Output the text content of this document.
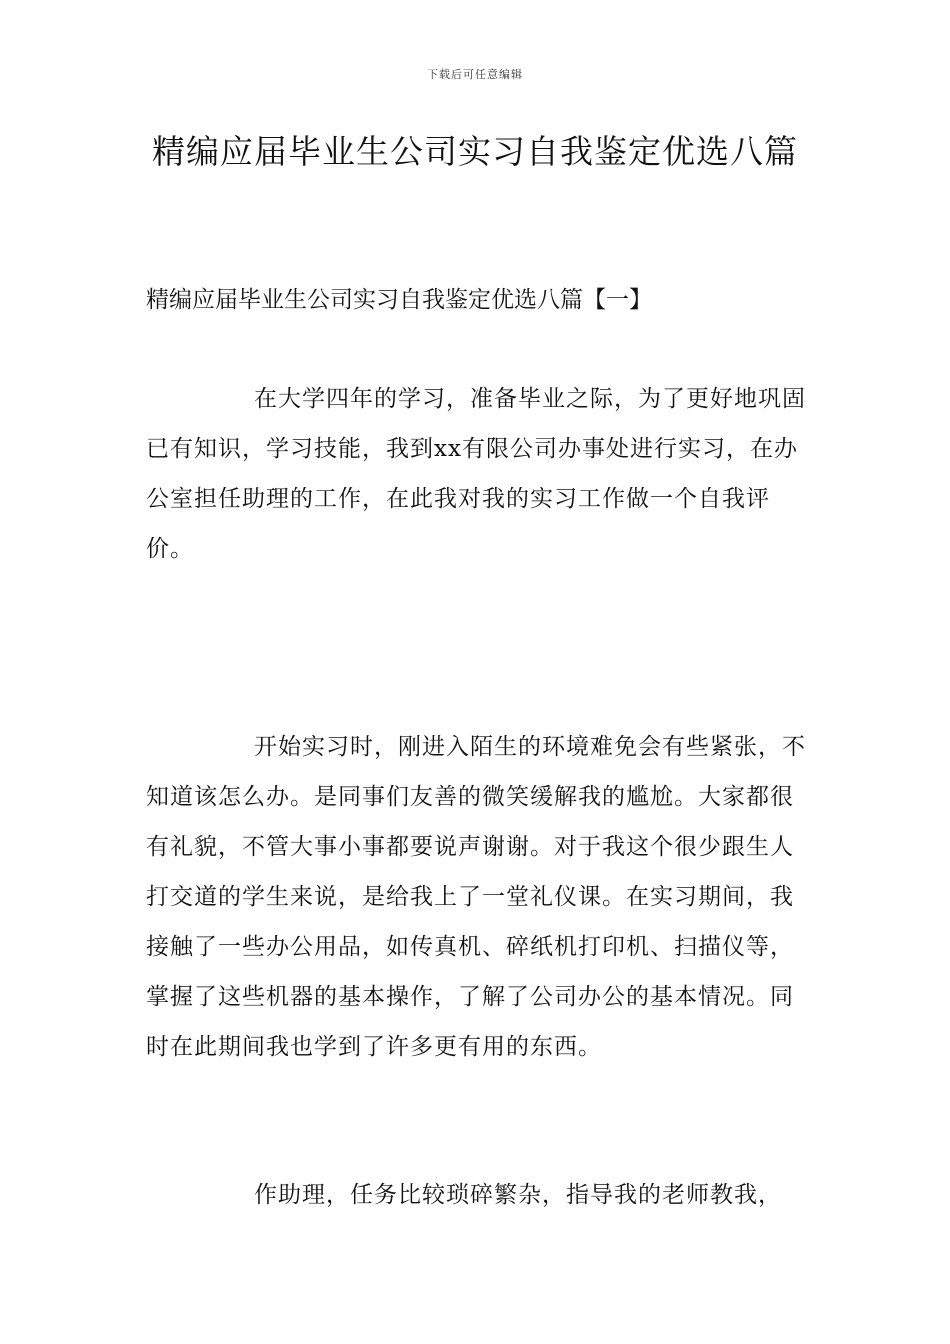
下载后可任意编辑
精编应届毕业生公司实习自我鉴定优选八篇
精编应届毕业生公司实习自我鉴定优选八篇【一】

在大学四年的学习，准备毕业之际，为了更好地巩固已有知识，学习技能，我到xx有限公司办事处进行实习，在办公室担任助理的工作，在此我对我的实习工作做一个自我评价。

开始实习时，刚进入陌生的环境难免会有些紧张，不知道该怎么办。是同事们友善的微笑缓解我的尴尬。大家都很有礼貌，不管大事小事都要说声谢谢。对于我这个很少跟生人打交道的学生来说，是给我上了一堂礼仪课。在实习期间，我接触了一些办公用品，如传真机、碎纸机打印机、扫描仪等，掌握了这些机器的基本操作，了解了公司办公的基本情况。同时在此期间我也学到了许多更有用的东西。

作助理，任务比较琐碎繁杂，指导我的老师教我，
